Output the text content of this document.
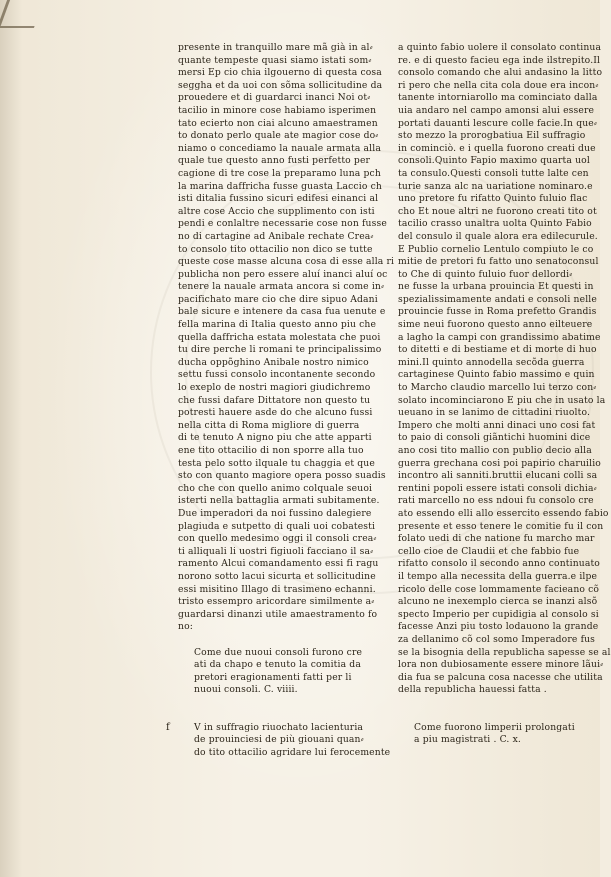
presente in tranquillo mare mã già in al⸗
quante tempeste quasi siamo istati som⸗
mersi Ep cio chia ilgouerno di questa cosa
seggha et da uoi con sõma sollicitudine da
prouedere et di guardarci inanci Noi ot⸗
tacilio in minore cose habiamo isperimen
tato ecierto non ciai alcuno amaestramen
to donato perlo quale ate magior cose do⸗
niamo o concediamo la nauale armata alla
quale tue questo anno fusti perfetto per
cagione di tre cose la preparamo luna pch
la marina daffricha fusse guasta Laccio ch
isti ditalia fussino sicuri edifesi einanci al
altre cose Accio che supplimento con isti
pendi e conlaltre necessarie cose non fusse
no di cartagine ad Anibale rechate Crea⸗
to consolo tito ottacilio non dico se tutte
queste cose masse alcuna cosa di esse alla ri
publicha non pero essere aluí inanci aluí oc
tenere la nauale armata ancora si come in⸗
pacifichato mare cio che dire sipuo Adani
bale sicure e intenere da casa fua uenute e
fella marina di Italia questo anno piu che
quella daffricha estata molestata che puoi
tu dire perche li romani te principalissimo
ducha oppõghino Anibale nostro nimico
settu fussi consolo incontanente secondo
lo exeplo de nostri magiori giudichremo
che fussi dafare Dittatore non questo tu
potresti hauere asde do che alcuno fussi
nella citta di Roma migliore di guerra
di te tenuto A nigno piu che atte apparti
ene tito ottacilio di non sporre alla tuo
testa pelo sotto ilquale tu chaggia et que
sto con quanto magiore opera posso suadis
cho che con quello animo colquale seuoi
isterti nella battaglia armati subitamente.
Due imperadori da noi fussino dalegiere
plagiuda e sutpetto di quali uoi cobatesti
con quello medesimo oggi il consoli crea⸗
ti alliquali li uostri figiuoli facciano il sa⸗
ramento Alcui comandamento essi fi ragu
norono sotto lacui sicurta et sollicitudine
essi misitino Illago di trasimeno echanni.
tristo essempro aricordare similmente a⸗
guardarsi dinanzi utile amaestramento fo
no:
Come due nuoui consoli furono cre
ati da chapo e tenuto la comitia da
pretori eragionamenti fatti per li
nuoui consoli. C. viiii.
f	V in suffragio riuochato lacienturia
de prouinciesi de più giouani quan⸗
do tito ottacilio agridare lui ferocemente
a quinto fabio uolere il consolato continua
re. e di questo facieu ega inde ilstrepito.Il
consolo comando che alui andasino la litto
ri pero che nella cita cola doue era incon⸗
tanente intorniarollo ma cominciato dalla
uia andaro nel campo amonsi alui essere
portati dauanti lescure colle facie.In que⸗
sto mezzo la prorogbatiua Eil suffragio
in cominciò. e i quella fuorono creati due
consoli.Quinto Fapio maximo quarta uol
ta consulo.Questi consoli tutte lalte cen
turie sanza alc na uariatione nominaro.e
uno pretore fu rifatto Quinto fuluio flac
cho Et noue altri ne fuorono creati tito ot
tacilio crasso unaltra uolta Quinto Fabio
del consulo il quale alora era edilecurule.
E Publio cornelio Lentulo compiuto le co
mitie de pretori fu fatto uno senatoconsul
to Che di quinto fuluio fuor dellordi⸗
ne fusse la urbana prouincia Et questi in
spezialissimamente andati e consoli nelle
prouincie fusse in Roma prefetto Grandis
sime neui fuorono questo anno eilteuere
a lagho la campi con grandissimo abatime
to ditetti e di bestiame et di morte di huo
mini.Il quinto annodella secõda guerra
cartaginese Quinto fabio massimo e quin
to Marcho claudio marcello lui terzo con⸗
solato incominciarono E piu che in usato la
ueuano in se lanimo de cittadini riuolto.
Impero che molti anni dinaci uno cosi fat
to paio di consoli giãntichi huomini dice
ano cosi tito mallio con publio decio alla
guerra grechana cosi poi papirio charuilio
incontro ali sanniti.bruttii elucani colli sa
rentini popoli essere istati consoli dichia⸗
rati marcello no ess ndoui fu consolo cre
ato essendo elli allo essercito essendo fabio
presente et esso tenere le comitie fu il con
folato uedi di che natione fu marcho mar
cello cioe de Claudii et che fabbio fue
rifatto consolo il secondo anno continuato
il tempo alla necessita della guerra.e ilpe
ricolo delle cose lommamente facieano cõ
alcuno ne inexemplo cierca se inanzi alsõ
specto Imperio per cupidigia al consolo si
facesse Anzi piu tosto lodauono la grande
za dellanimo cõ col somo Imperadore fus
se la bisognia della republicha sapesse se al
lora non dubiosamente essere minore lãui⸗
dia fua se palcuna cosa nacesse che utilita
della republicha hauessi fatta .
Come fuorono limperii prolongati
a piu magistrati . C. x.
